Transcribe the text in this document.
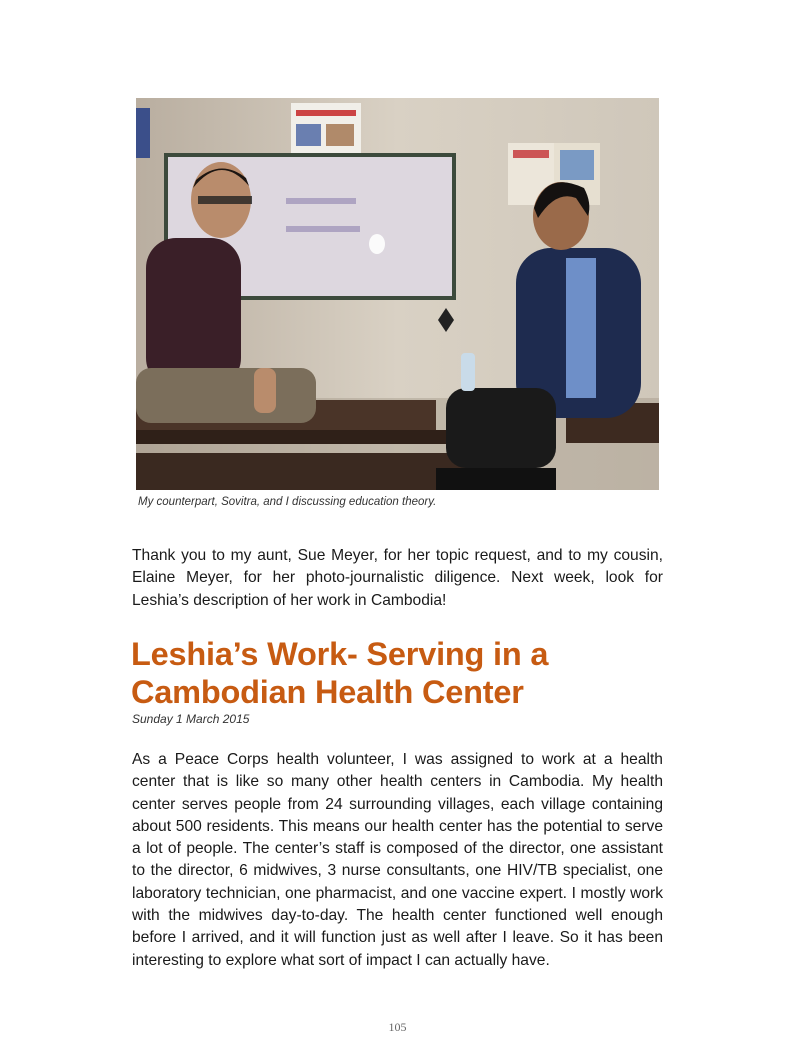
My counterpart, Sovitra, and I discussing education theory.

Thank you to my aunt, Sue Meyer, for her topic request, and to my cousin, Elaine Meyer, for her photo-journalistic diligence. Next week, look for Leshia’s description of her work in Cambodia!

Leshia’s Work- Serving in a Cambodian Health Center
Sunday 1 March 2015

As a Peace Corps health volunteer, I was assigned to work at a health center that is like so many other health centers in Cambodia. My health center serves people from 24 surrounding villages, each village containing about 500 residents. This means our health center has the potential to serve a lot of people. The center’s staff is composed of the director, one assistant to the director, 6 midwives, 3 nurse consultants, one HIV/TB specialist, one laboratory technician, one pharmacist, and one vaccine expert. I mostly work with the midwives day-to-day. The health center functioned well enough before I arrived, and it will function just as well after I leave. So it has been interesting to explore what sort of impact I can actually have.

105
